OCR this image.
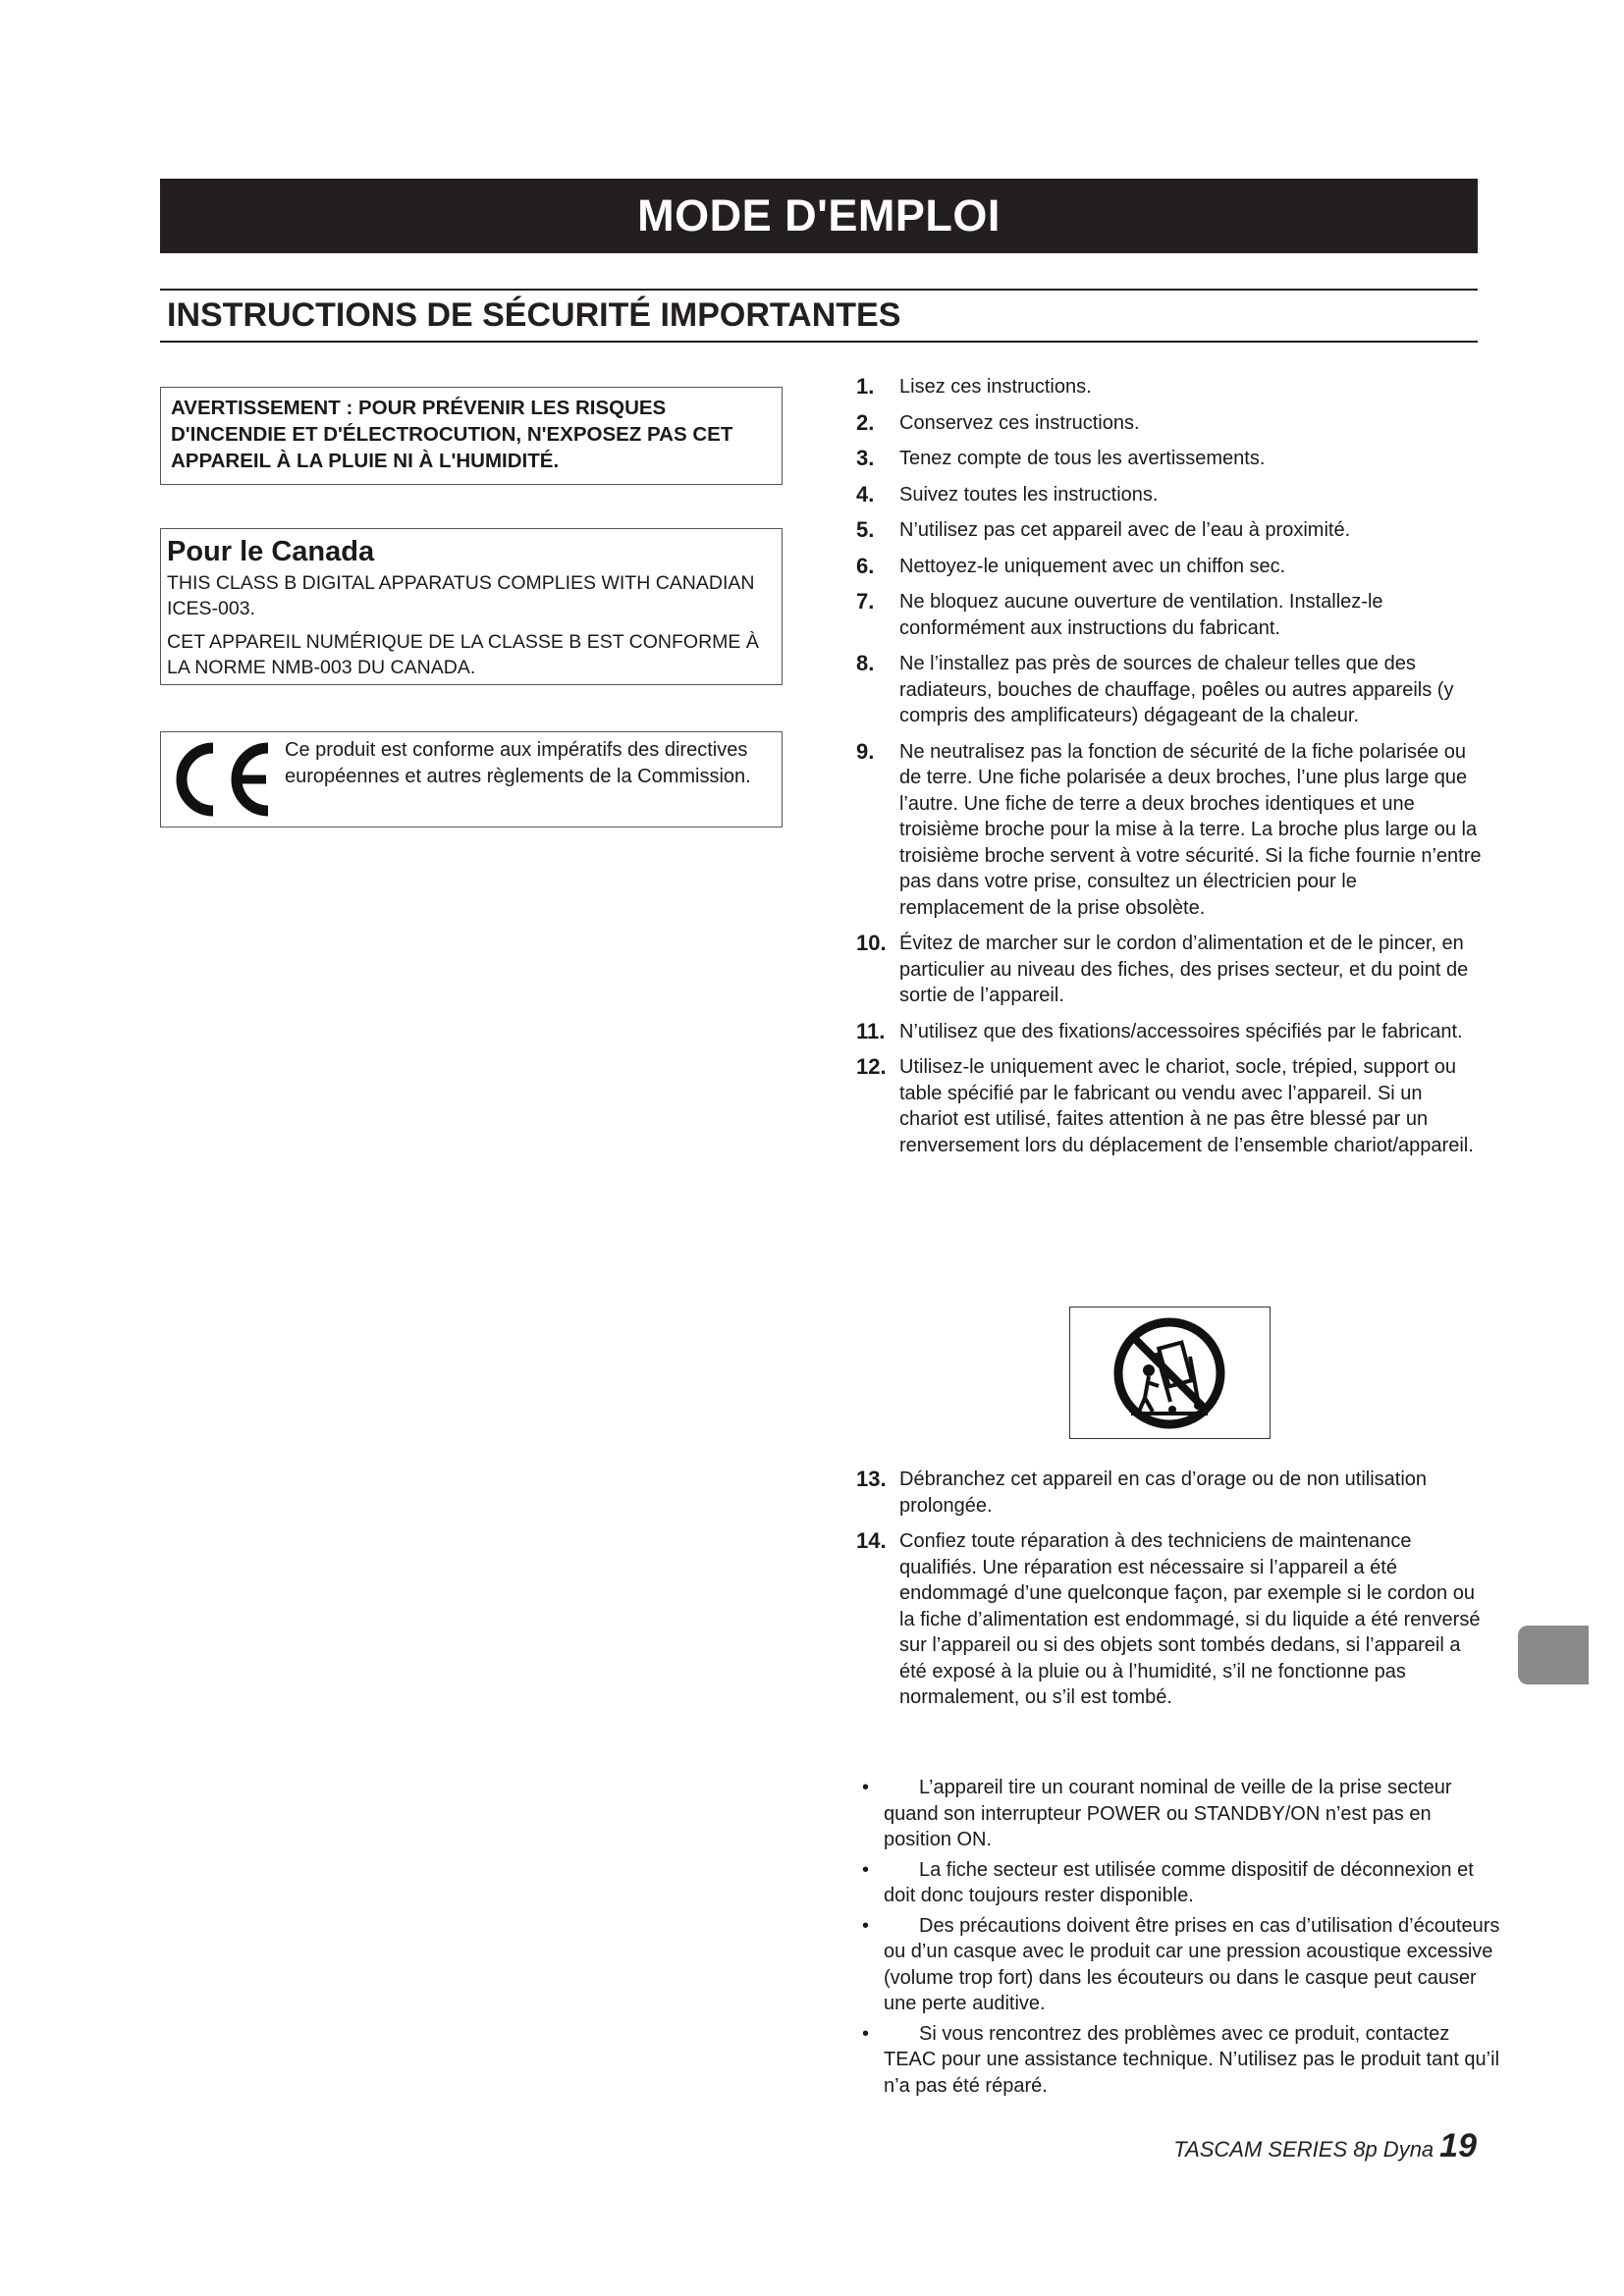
MODE D'EMPLOI
INSTRUCTIONS DE SÉCURITÉ IMPORTANTES

AVERTISSEMENT : POUR PRÉVENIR LES RISQUES D'INCENDIE ET D'ÉLECTROCUTION, N'EXPOSEZ PAS CET APPAREIL À LA PLUIE NI À L'HUMIDITÉ.

Pour le Canada

THIS CLASS B DIGITAL APPARATUS COMPLIES WITH CANADIAN ICES-003.

CET APPAREIL NUMÉRIQUE DE LA CLASSE B EST CONFORME À LA NORME NMB-003 DU CANADA.

Ce produit est conforme aux impératifs des directives européennes et autres règlements de la Commission.

1. Lisez ces instructions.
2. Conservez ces instructions.
3. Tenez compte de tous les avertissements.
4. Suivez toutes les instructions.
5. N’utilisez pas cet appareil avec de l’eau à proximité.
6. Nettoyez-le uniquement avec un chiffon sec.
7. Ne bloquez aucune ouverture de ventilation. Installez-le conformément aux instructions du fabricant.
8. Ne l’installez pas près de sources de chaleur telles que des radiateurs, bouches de chauffage, poêles ou autres appareils (y compris des amplificateurs) dégageant de la chaleur.
9. Ne neutralisez pas la fonction de sécurité de la fiche polarisée ou de terre. Une fiche polarisée a deux broches, l’une plus large que l’autre. Une fiche de terre a deux broches identiques et une troisième broche pour la mise à la terre. La broche plus large ou la troisième broche servent à votre sécurité. Si la fiche fournie n’entre pas dans votre prise, consultez un électricien pour le remplacement de la prise obsolète.
10. Évitez de marcher sur le cordon d’alimentation et de le pincer, en particulier au niveau des fiches, des prises secteur, et du point de sortie de l’appareil.
11. N’utilisez que des fixations/accessoires spécifiés par le fabricant.
12. Utilisez-le uniquement avec le chariot, socle, trépied, support ou table spécifié par le fabricant ou vendu avec l’appareil. Si un chariot est utilisé, faites attention à ne pas être blessé par un renversement lors du déplacement de l’ensemble chariot/appareil.
13. Débranchez cet appareil en cas d’orage ou de non utilisation prolongée.
14. Confiez toute réparation à des techniciens de maintenance qualifiés. Une réparation est nécessaire si l’appareil a été endommagé d’une quelconque façon, par exemple si le cordon ou la fiche d’alimentation est endommagé, si du liquide a été renversé sur l’appareil ou si des objets sont tombés dedans, si l’appareil a été exposé à la pluie ou à l’humidité, s’il ne fonctionne pas normalement, ou s’il est tombé.
•	L’appareil tire un courant nominal de veille de la prise secteur quand son interrupteur POWER ou STANDBY/ON n’est pas en position ON.
•	La fiche secteur est utilisée comme dispositif de déconnexion et doit donc toujours rester disponible.
•	Des précautions doivent être prises en cas d’utilisation d’écouteurs ou d’un casque avec le produit car une pression acoustique excessive (volume trop fort) dans les écouteurs ou dans le casque peut causer une perte auditive.
•	Si vous rencontrez des problèmes avec ce produit, contactez TEAC pour une assistance technique. N’utilisez pas le produit tant qu’il n’a pas été réparé.
TASCAM SERIES 8p Dyna 19
